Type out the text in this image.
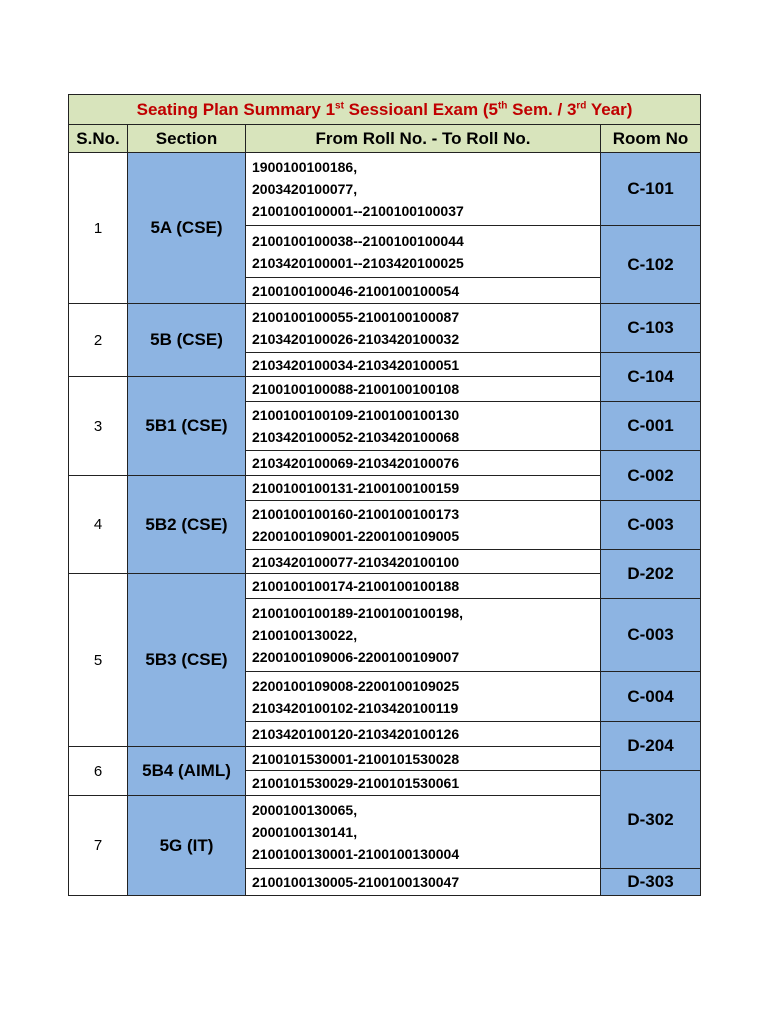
Seating Plan Summary 1st Sessioanl Exam (5th Sem. / 3rd Year)			
S.No.	Section	From Roll No. - To Roll No.	Room No
1	5A (CSE)	1900100100186,
2003420100077,
2100100100001--2100100100037	C-101

		2100100100038--2100100100044
2103420100001--2103420100025	C-102

		2100100100046-2100100100054	

2	5B (CSE)	2100100100055-2100100100087
2103420100026-2103420100032	C-103

		2103420100034-2103420100051	C-104
3	5B1 (CSE)	2100100100088-2100100100108	

		2100100100109-2100100100130
2103420100052-2103420100068	C-001

		2103420100069-2103420100076	C-002
4	5B2 (CSE)	2100100100131-2100100100159	

		2100100100160-2100100100173
2200100109001-2200100109005	C-003

		2103420100077-2103420100100	D-202
5	5B3 (CSE)	2100100100174-2100100100188	

		2100100100189-2100100100198,
2100100130022,
2200100109006-2200100109007	C-003

		2200100109008-2200100109025
2103420100102-2103420100119	C-004

		2103420100120-2103420100126	D-204
6	5B4 (AIML)	2100101530001-2100101530028	

		2100101530029-2100101530061	D-302
7	5G (IT)	2000100130065,
2000100130141,
2100100130001-2100100130004	

		2100100130005-2100100130047	D-303
